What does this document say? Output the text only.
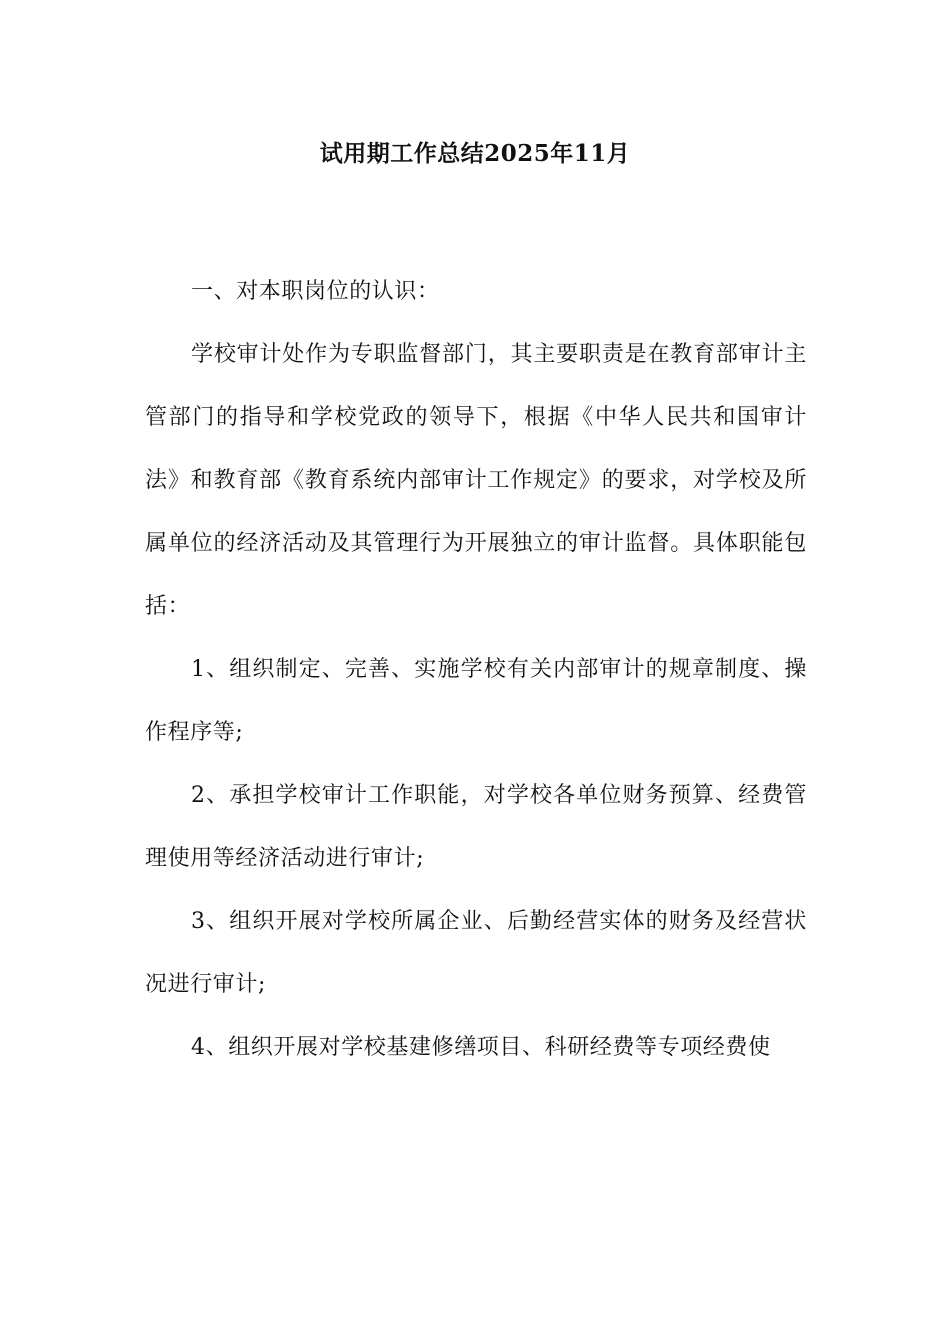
试用期工作总结2025年11月

一、对本职岗位的认识：

学校审计处作为专职监督部门，其主要职责是在教育部审计主管部门的指导和学校党政的领导下，根据《中华人民共和国审计法》和教育部《教育系统内部审计工作规定》的要求，对学校及所属单位的经济活动及其管理行为开展独立的审计监督。具体职能包括：

1、组织制定、完善、实施学校有关内部审计的规章制度、操作程序等;

2、承担学校审计工作职能，对学校各单位财务预算、经费管理使用等经济活动进行审计;

3、组织开展对学校所属企业、后勤经营实体的财务及经营状况进行审计;

4、组织开展对学校基建修缮项目、科研经费等专项经费使
